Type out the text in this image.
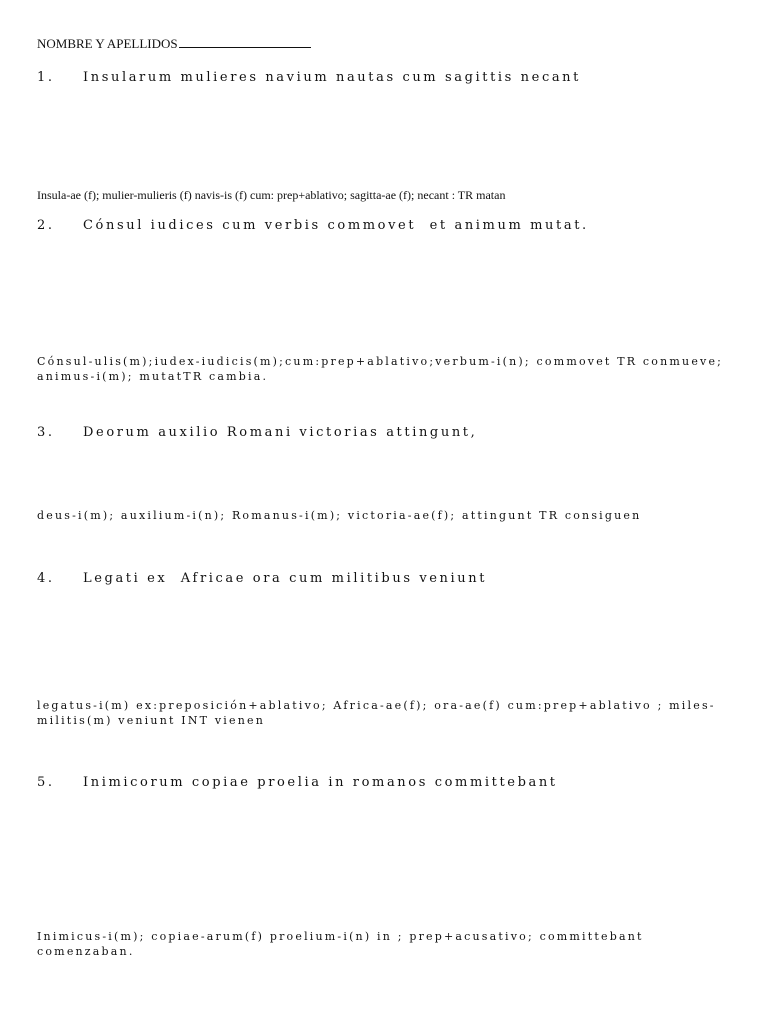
NOMBRE Y APELLIDOS
1. Insularum mulieres navium nautas cum sagittis necant
Insula-ae (f); mulier-mulieris (f) navis-is (f) cum: prep+ablativo; sagitta-ae (f); necant : TR matan
2. Cónsul iudices cum verbis commovet  et animum mutat.
Cónsul-ulis(m);iudex-iudicis(m);cum:prep+ablativo;verbum-i(n); commovet TR conmueve; animus-i(m); mutatTR cambia.
3. Deorum auxilio Romani victorias attingunt,
deus-i(m); auxilium-i(n); Romanus-i(m); victoria-ae(f); attingunt TR consiguen
4. Legati ex  Africae ora cum militibus veniunt
legatus-i(m) ex:preposición+ablativo; Africa-ae(f); ora-ae(f) cum:prep+ablativo ; miles-militis(m) veniunt INT vienen
5. Inimicorum copiae proelia in romanos committebant
Inimicus-i(m); copiae-arum(f) proelium-i(n) in ; prep+acusativo; committebant comenzaban.
